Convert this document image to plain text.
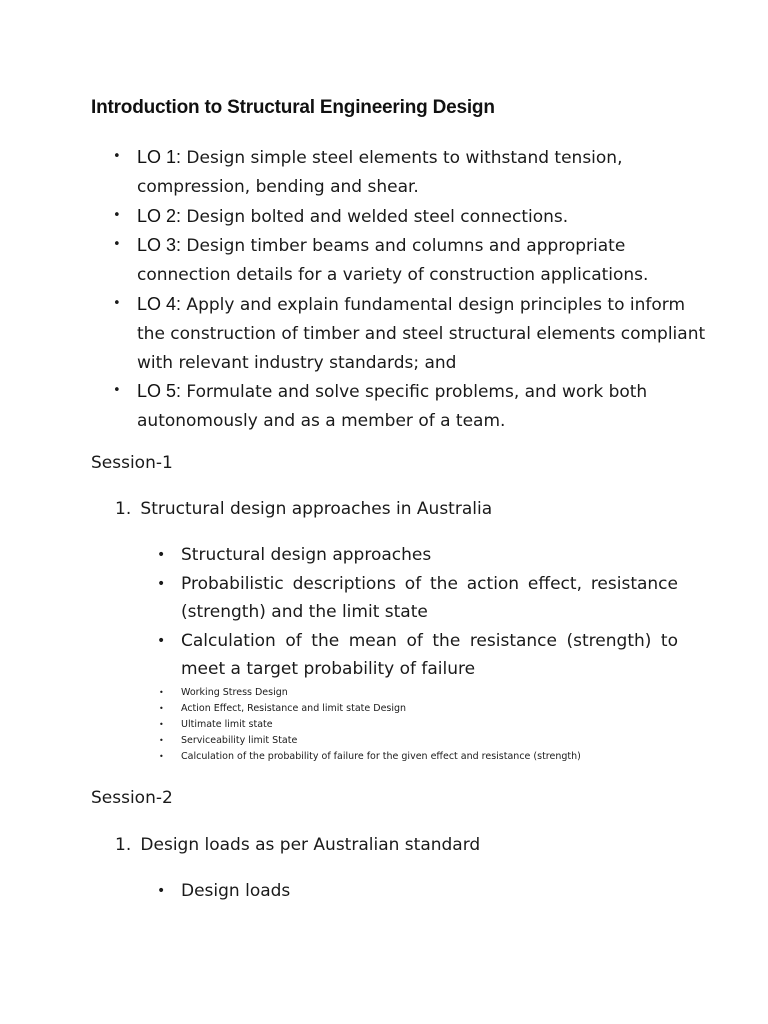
Introduction to Structural Engineering Design
• LO 1: Design simple steel elements to withstand tension, compression, bending and shear.
• LO 2: Design bolted and welded steel connections.
• LO 3: Design timber beams and columns and appropriate connection details for a variety of construction applications.
• LO 4: Apply and explain fundamental design principles to inform the construction of timber and steel structural elements compliant with relevant industry standards; and
• LO 5: Formulate and solve specific problems, and work both autonomously and as a member of a team.
Session-1

1. Structural design approaches in Australia

• Structural design approaches
• Probabilistic descriptions of the action effect, resistance (strength) and the limit state
• Calculation of the mean of the resistance (strength) to meet a target probability of failure
• Working Stress Design
• Action Effect, Resistance and limit state Design
• Ultimate limit state
• Serviceability limit State
• Calculation of the probability of failure for the given effect and resistance (strength)
Session-2

1. Design loads as per Australian standard

• Design loads
